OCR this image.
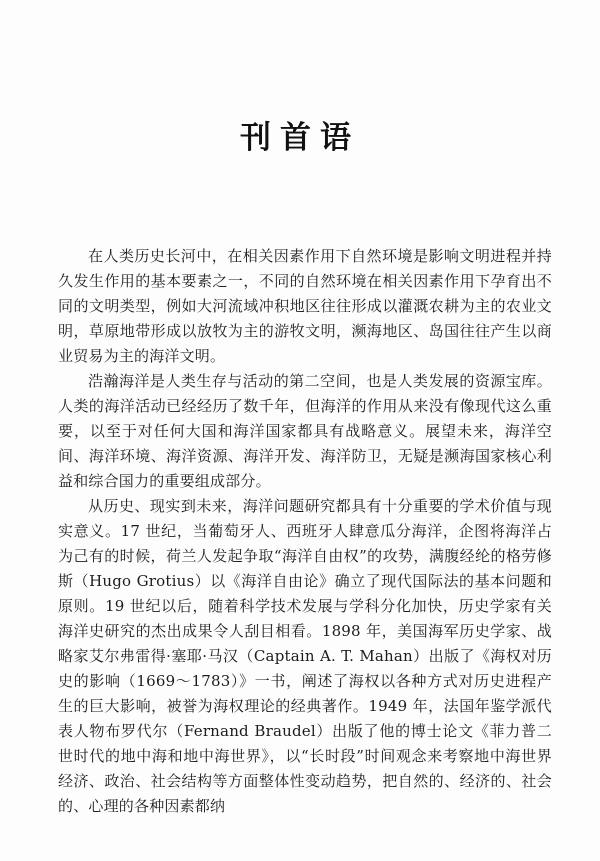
刊首语

在人类历史长河中，在相关因素作用下自然环境是影响文明进程并持久发生作用的基本要素之一，不同的自然环境在相关因素作用下孕育出不同的文明类型，例如大河流域冲积地区往往形成以灌溉农耕为主的农业文明，草原地带形成以放牧为主的游牧文明，濒海地区、岛国往往产生以商业贸易为主的海洋文明。

浩瀚海洋是人类生存与活动的第二空间，也是人类发展的资源宝库。人类的海洋活动已经经历了数千年，但海洋的作用从来没有像现代这么重要，以至于对任何大国和海洋国家都具有战略意义。展望未来，海洋空间、海洋环境、海洋资源、海洋开发、海洋防卫，无疑是濒海国家核心利益和综合国力的重要组成部分。

从历史、现实到未来，海洋问题研究都具有十分重要的学术价值与现实意义。17 世纪，当葡萄牙人、西班牙人肆意瓜分海洋，企图将海洋占为己有的时候，荷兰人发起争取“海洋自由权”的攻势，满腹经纶的格劳修斯（Hugo Grotius）以《海洋自由论》确立了现代国际法的基本问题和原则。19 世纪以后，随着科学技术发展与学科分化加快，历史学家有关海洋史研究的杰出成果令人刮目相看。1898 年，美国海军历史学家、战略家艾尔弗雷得·塞耶·马汉（Captain A. T. Mahan）出版了《海权对历史的影响（1669～1783）》一书，阐述了海权以各种方式对历史进程产生的巨大影响，被誉为海权理论的经典著作。1949 年，法国年鉴学派代表人物布罗代尔（Fernand Braudel）出版了他的博士论文《菲力普二世时代的地中海和地中海世界》，以“长时段”时间观念来考察地中海世界经济、政治、社会结构等方面整体性变动趋势，把自然的、经济的、社会的、心理的各种因素都纳
